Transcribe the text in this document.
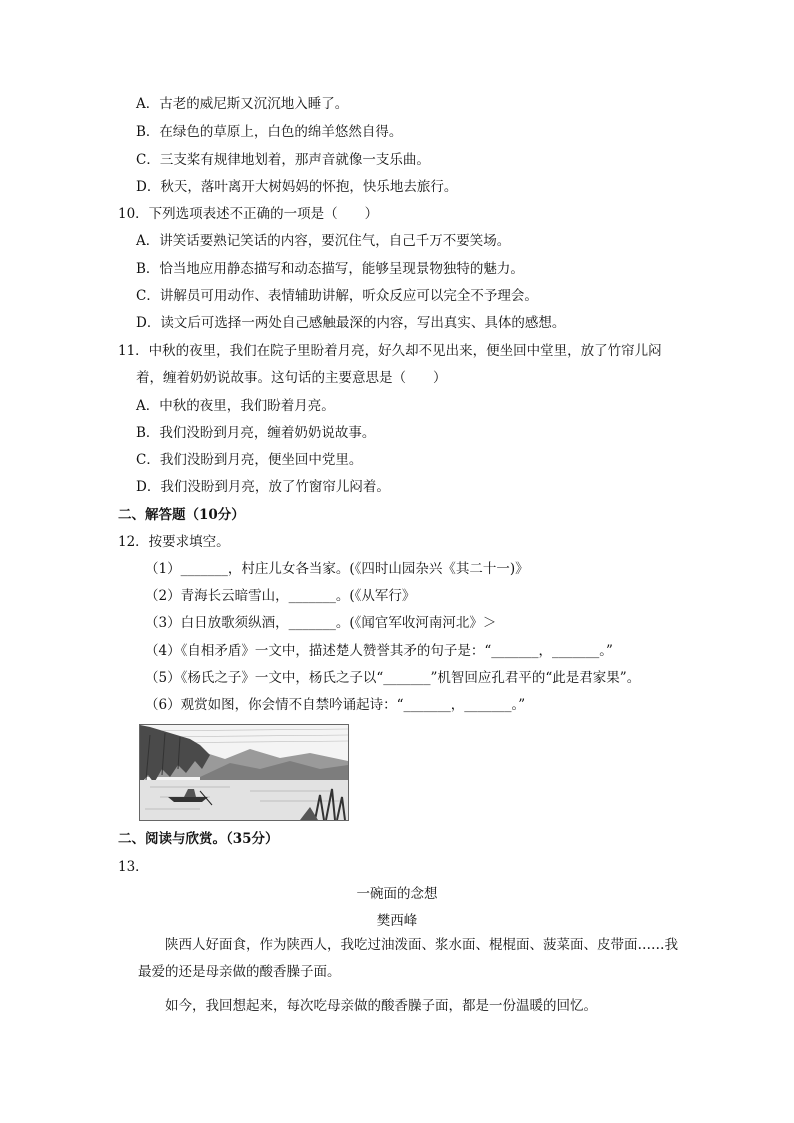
A．古老的威尼斯又沉沉地入睡了。
B．在绿色的草原上，白色的绵羊悠然自得。
C．三支桨有规律地划着，那声音就像一支乐曲。
D．秋天，落叶离开大树妈妈的怀抱，快乐地去旅行。
10．下列选项表述不正确的一项是（　　）
A．讲笑话要熟记笑话的内容，要沉住气，自己千万不要笑场。
B．恰当地应用静态描写和动态描写，能够呈现景物独特的魅力。
C．讲解员可用动作、表情辅助讲解，听众反应可以完全不予理会。
D．读文后可选择一两处自己感触最深的内容，写出真实、具体的感想。
11．中秋的夜里，我们在院子里盼着月亮，好久却不见出来，便坐回中堂里，放了竹帘儿闷
着，缠着奶奶说故事。这句话的主要意思是（　　）
A．中秋的夜里，我们盼着月亮。
B．我们没盼到月亮，缠着奶奶说故事。
C．我们没盼到月亮，便坐回中党里。
D．我们没盼到月亮，放了竹窗帘儿闷着。
二、解答题（10分）
12．按要求填空。
（1）_______，村庄儿女各当家。(《四时山园杂兴《其二十一)》
（2）青海长云暗雪山，_______。(《从军行》
（3）白日放歌须纵酒，_______。(《闻官军收河南河北》＞
（4）《自相矛盾》一文中，描述楚人赞誉其矛的句子是：“_______，_______。”
（5）《杨氏之子》一文中，杨氏之子以“_______”机智回应孔君平的“此是君家果”。
（6）观赏如图，你会情不自禁吟诵起诗：“_______，_______。”
二、阅读与欣赏。（35分）
13．
一碗面的念想
樊西峰
陕西人好面食，作为陕西人，我吃过油泼面、浆水面、棍棍面、菠菜面、皮带面……我最爱的还是母亲做的酸香臊子面。
如今，我回想起来，每次吃母亲做的酸香臊子面，都是一份温暖的回忆。
